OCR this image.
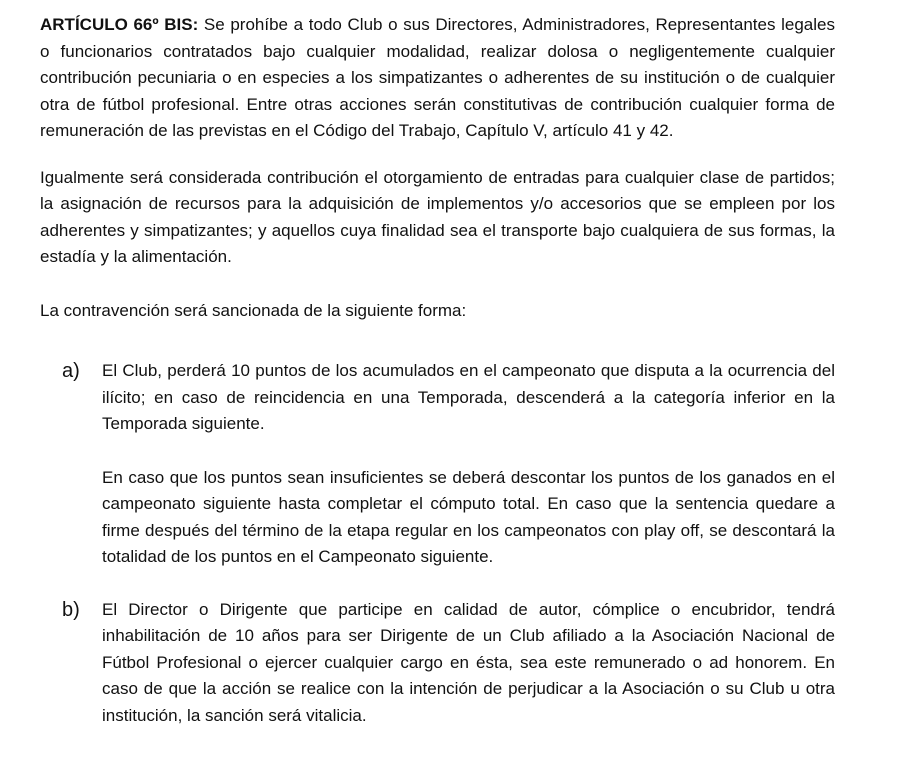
ARTÍCULO 66º BIS: Se prohíbe a todo Club o sus Directores, Administradores, Representantes legales o funcionarios contratados bajo cualquier modalidad, realizar dolosa o negligentemente cualquier contribución pecuniaria o en especies a los simpatizantes o adherentes de su institución o de cualquier otra de fútbol profesional. Entre otras acciones serán constitutivas de contribución cualquier forma de remuneración de las previstas en el Código del Trabajo, Capítulo V, artículo 41 y 42.

Igualmente será considerada contribución el otorgamiento de entradas para cualquier clase de partidos; la asignación de recursos para la adquisición de implementos y/o accesorios que se empleen por los adherentes y simpatizantes; y aquellos cuya finalidad sea el transporte bajo cualquiera de sus formas, la estadía y la alimentación.

La contravención será sancionada de la siguiente forma:

a) El Club, perderá 10 puntos de los acumulados en el campeonato que disputa a la ocurrencia del ilícito; en caso de reincidencia en una Temporada, descenderá a la categoría inferior en la Temporada siguiente.

En caso que los puntos sean insuficientes se deberá descontar los puntos de los ganados en el campeonato siguiente hasta completar el cómputo total. En caso que la sentencia quedare a firme después del término de la etapa regular en los campeonatos con play off, se descontará la totalidad de los puntos en el Campeonato siguiente.

b) El Director o Dirigente que participe en calidad de autor, cómplice o encubridor, tendrá inhabilitación de 10 años para ser Dirigente de un Club afiliado a la Asociación Nacional de Fútbol Profesional o ejercer cualquier cargo en ésta, sea este remunerado o ad honorem. En caso de que la acción se realice con la intención de perjudicar a la Asociación o su Club u otra institución, la sanción será vitalicia.
